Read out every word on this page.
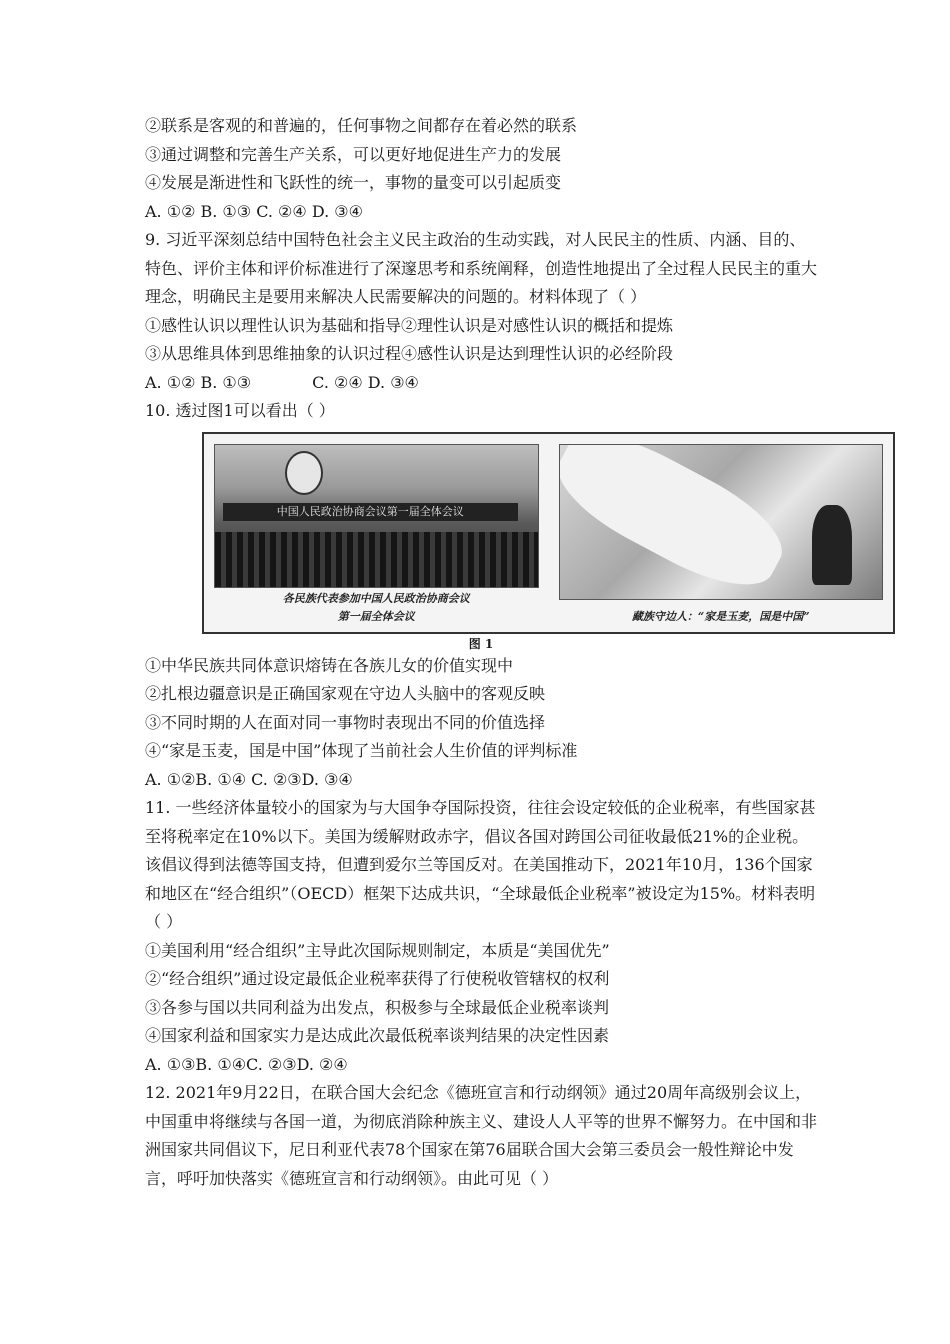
②联系是客观的和普遍的，任何事物之间都存在着必然的联系
③通过调整和完善生产关系，可以更好地促进生产力的发展
④发展是渐进性和飞跃性的统一，事物的量变可以引起质变
A. ①② B. ①③ C. ②④ D. ③④
9. 习近平深刻总结中国特色社会主义民主政治的生动实践，对人民民主的性质、内涵、目的、特色、评价主体和评价标准进行了深邃思考和系统阐释，创造性地提出了全过程人民民主的重大理念，明确民主是要用来解决人民需要解决的问题的。材料体现了（ ）
①感性认识以理性认识为基础和指导②理性认识是对感性认识的概括和提炼
③从思维具体到思维抽象的认识过程④感性认识是达到理性认识的必经阶段
A. ①② B. ①③            C. ②④ D. ③④
10. 透过图1可以看出（ ）
中国人民政治协商会议第一届全体会议
各民族代表参加中国人民政治协商会议
第一届全体会议	藏族守边人：“家是玉麦，国是中国”
图 1
①中华民族共同体意识熔铸在各族儿女的价值实现中
②扎根边疆意识是正确国家观在守边人头脑中的客观反映
③不同时期的人在面对同一事物时表现出不同的价值选择
④“家是玉麦，国是中国”体现了当前社会人生价值的评判标准
A. ①②B. ①④ C. ②③D. ③④
11. 一些经济体量较小的国家为与大国争夺国际投资，往往会设定较低的企业税率，有些国家甚至将税率定在10%以下。美国为缓解财政赤字，倡议各国对跨国公司征收最低21%的企业税。该倡议得到法德等国支持，但遭到爱尔兰等国反对。在美国推动下，2021年10月，136个国家和地区在“经合组织”（OECD）框架下达成共识，“全球最低企业税率”被设定为15%。材料表明（ ）
①美国利用“经合组织”主导此次国际规则制定，本质是“美国优先”
②“经合组织”通过设定最低企业税率获得了行使税收管辖权的权利
③各参与国以共同利益为出发点，积极参与全球最低企业税率谈判
④国家利益和国家实力是达成此次最低税率谈判结果的决定性因素
A. ①③B. ①④C. ②③D. ②④
12. 2021年9月22日，在联合国大会纪念《德班宣言和行动纲领》通过20周年高级别会议上，中国重申将继续与各国一道，为彻底消除种族主义、建设人人平等的世界不懈努力。在中国和非洲国家共同倡议下，尼日利亚代表78个国家在第76届联合国大会第三委员会一般性辩论中发言，呼吁加快落实《德班宣言和行动纲领》。由此可见（ ）
